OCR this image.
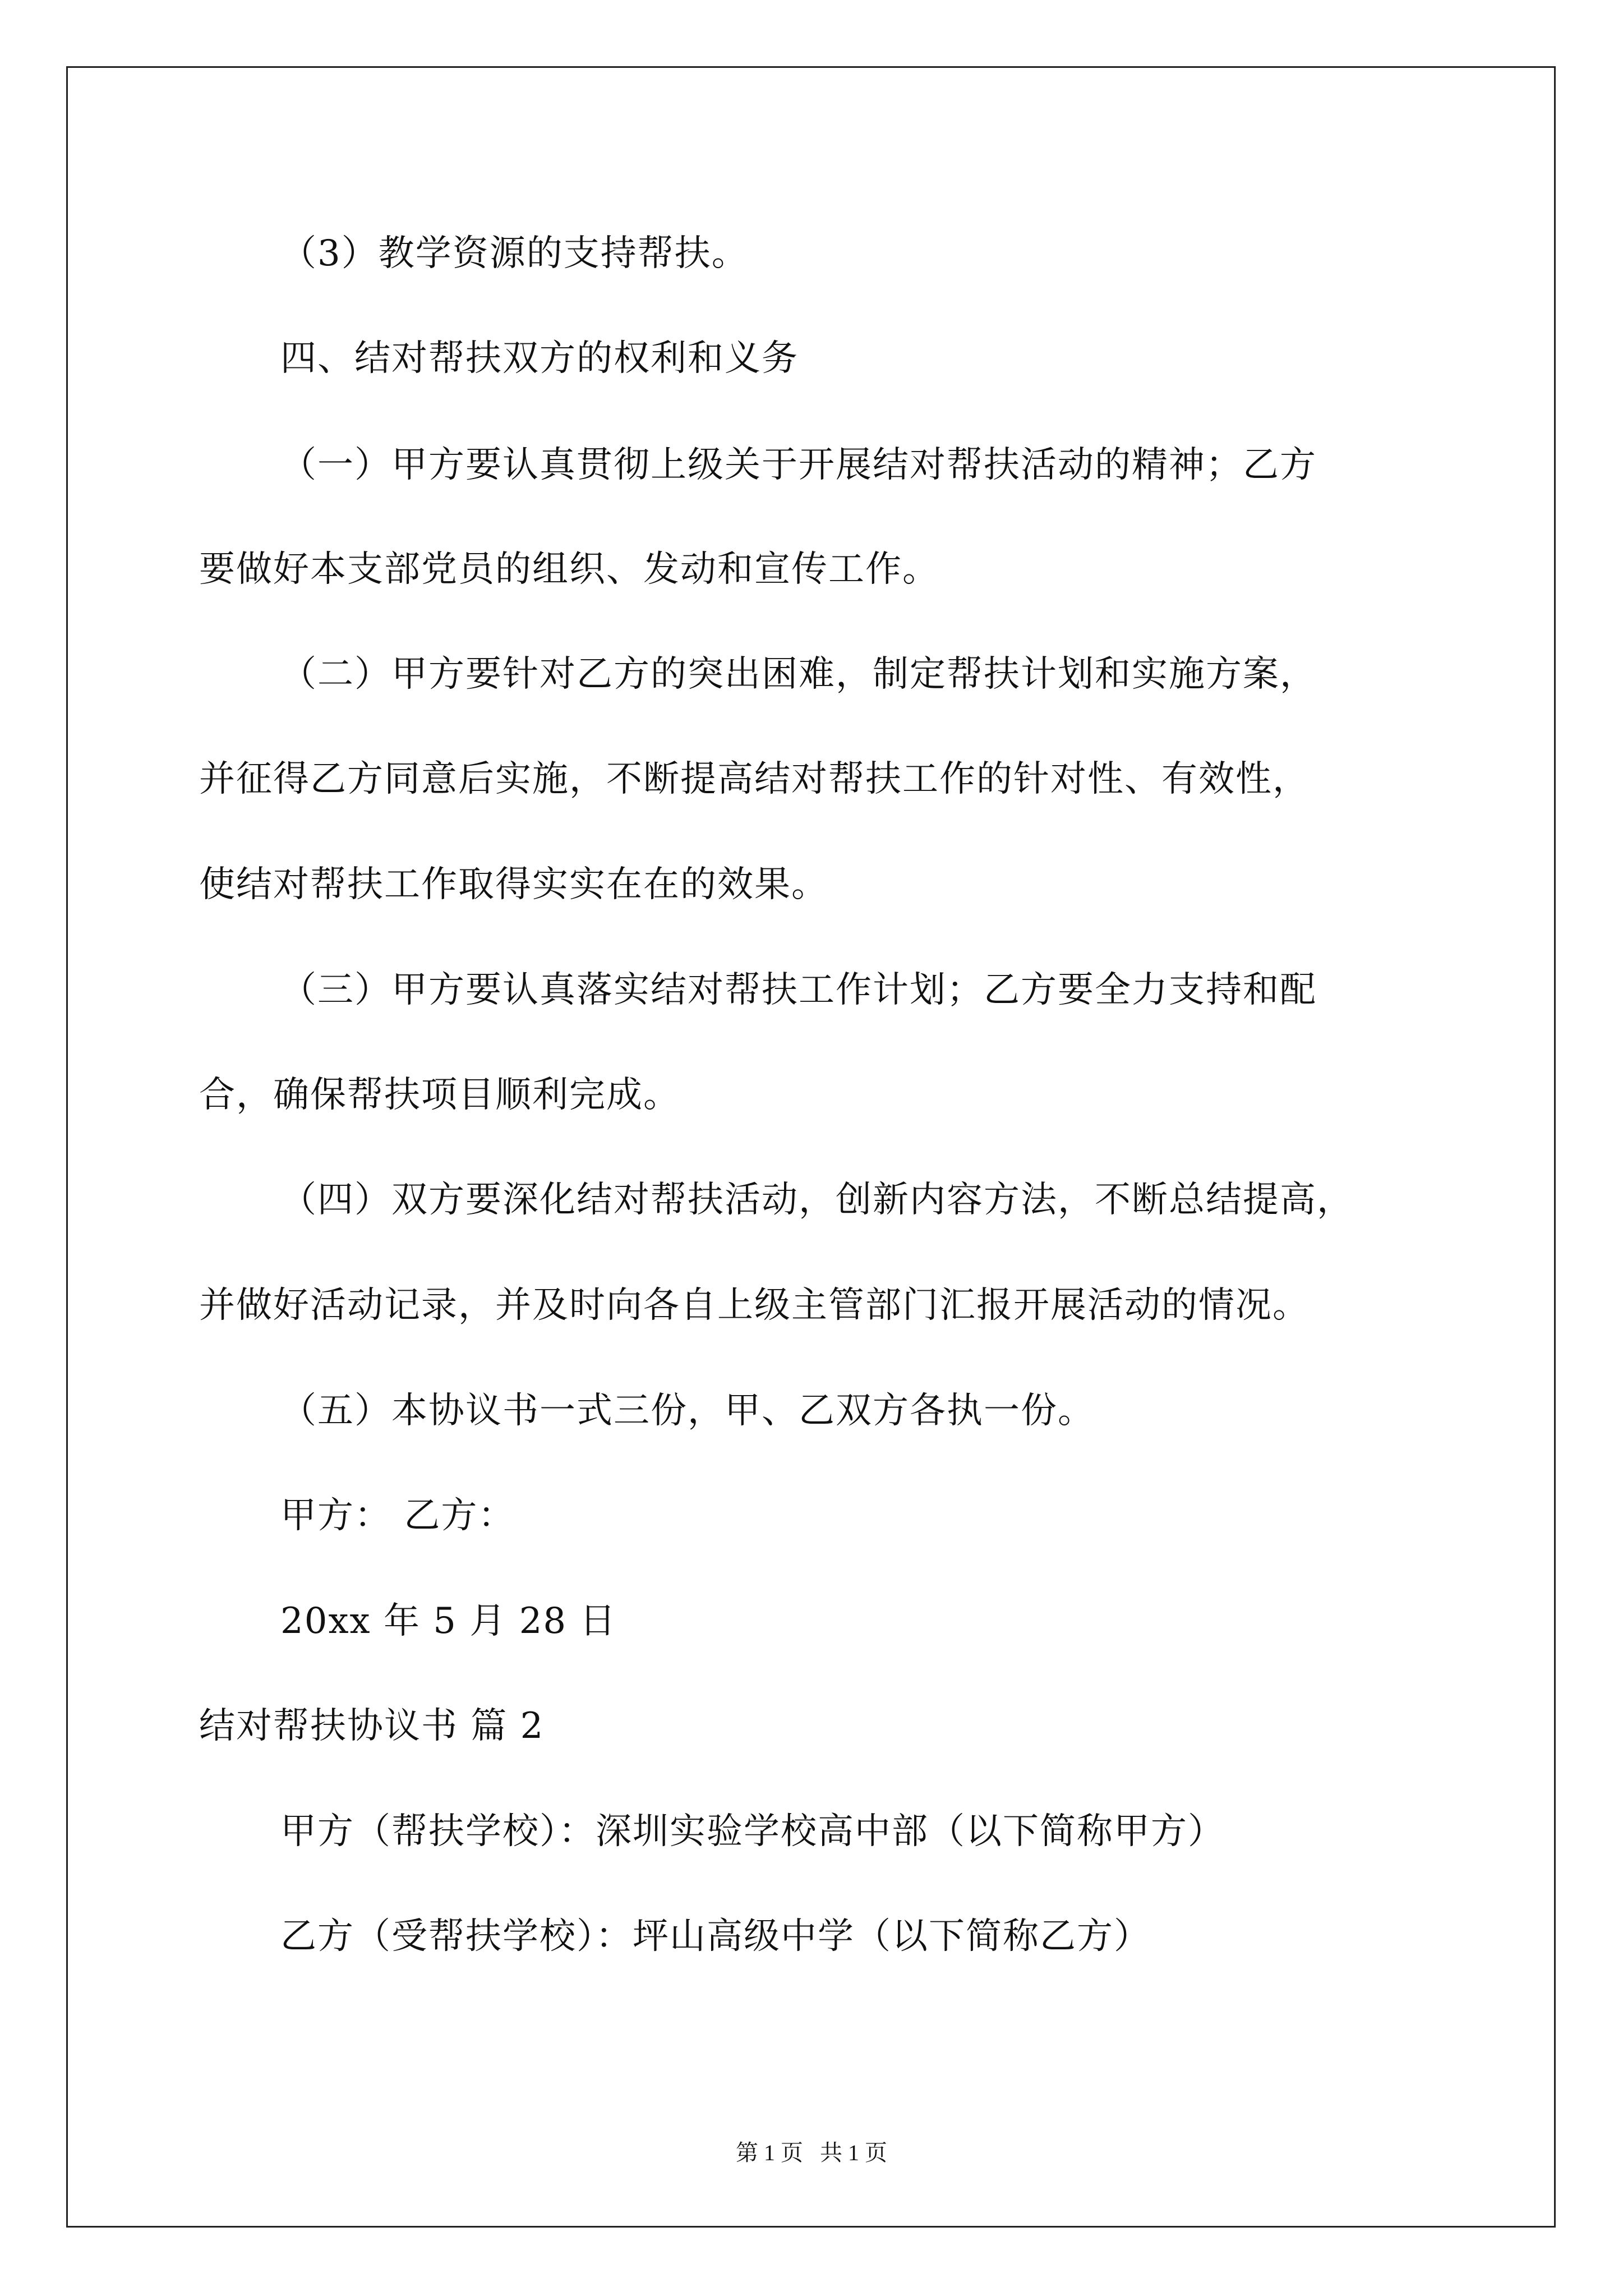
（3）教学资源的支持帮扶。
四、结对帮扶双方的权利和义务
（一）甲方要认真贯彻上级关于开展结对帮扶活动的精神；乙方
要做好本支部党员的组织、发动和宣传工作。
（二）甲方要针对乙方的突出困难，制定帮扶计划和实施方案，
并征得乙方同意后实施，不断提高结对帮扶工作的针对性、有效性，
使结对帮扶工作取得实实在在的效果。
（三）甲方要认真落实结对帮扶工作计划；乙方要全力支持和配
合，确保帮扶项目顺利完成。
（四）双方要深化结对帮扶活动，创新内容方法，不断总结提高，
并做好活动记录，并及时向各自上级主管部门汇报开展活动的情况。
（五）本协议书一式三份，甲、乙双方各执一份。
甲方： 乙方：
20xx 年 5 月 28 日
结对帮扶协议书 篇 2
甲方（帮扶学校）：深圳实验学校高中部（以下简称甲方）
乙方（受帮扶学校）：坪山高级中学（以下简称乙方）
第 1 页   共 1 页
